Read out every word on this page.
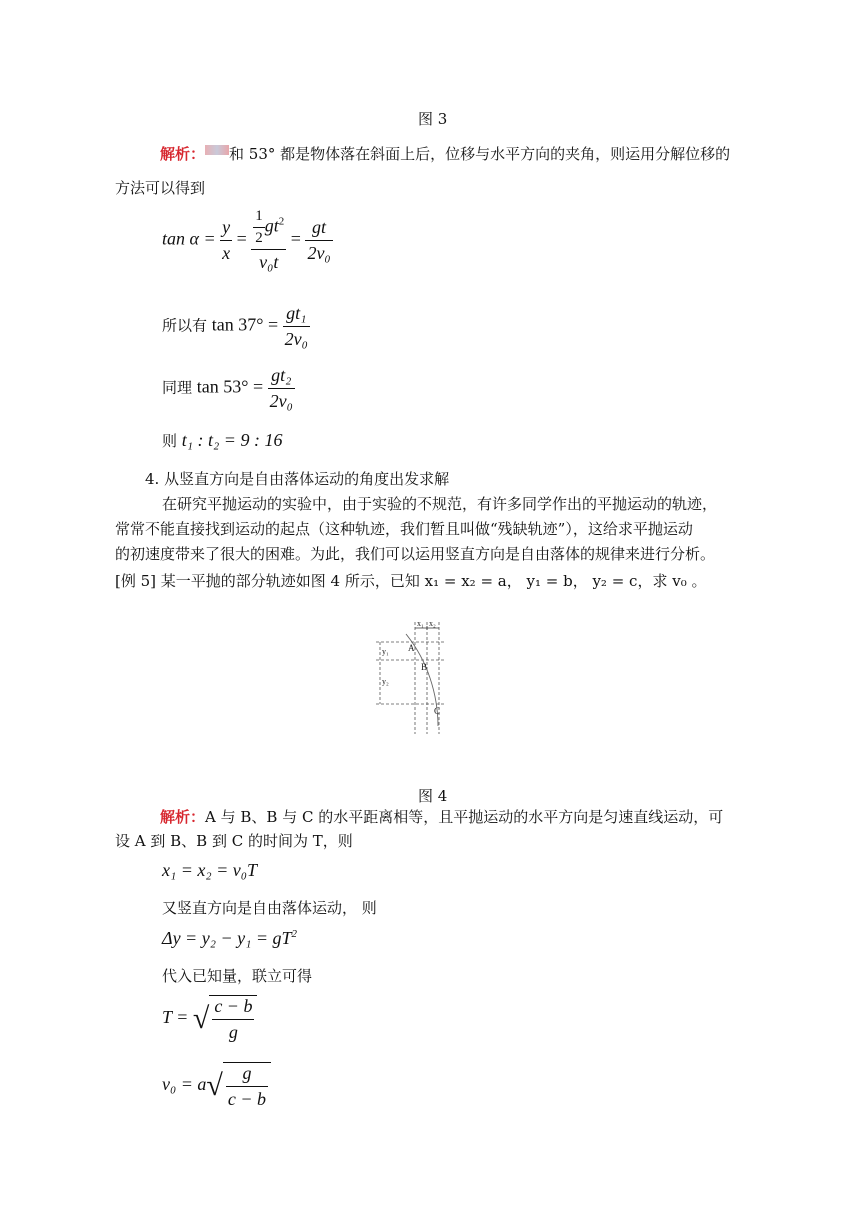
图 3
解析： 和 53° 都是物体落在斜面上后，位移与水平方向的夹角，则运用分解位移的
方法可以得到
$\tan \alpha = \frac{y}{x} = \frac{\frac{1}{2} gt^2}{\text{v₀t}} = \frac{gt}{\text{2v₀}}$
所以有 $\tan 37^\circ = \frac{\text{gt₁}}{\text{2v₀}}$
同理 $\tan 53^\circ = \frac{\text{gt₂}}{\text{2v₀}}$
则 t₁ : t₂ = 9 : 16
4. 从竖直方向是自由落体运动的角度出发求解
在研究平抛运动的实验中，由于实验的不规范，有许多同学作出的平抛运动的轨迹，
常常不能直接找到运动的起点（这种轨迹，我们暂且叫做“残缺轨迹”），这给求平抛运动
的初速度带来了很大的困难。为此，我们可以运用竖直方向是自由落体的规律来进行分析。
[例 5] 某一平抛的部分轨迹如图 4 所示，已知 x₁ = x₂ = a， y₁ = b， y₂ = c，求 v₀ 。
x₁ x₂
y₁
y₂
A
B
C
图 4
解析：A 与 B、B 与 C 的水平距离相等，且平抛运动的水平方向是匀速直线运动，可
设 A 到 B、B 到 C 的时间为 T，则
x₁ = x₂ = v₀T
又竖直方向是自由落体运动， 则
$\Delta y = y_2 - y_1 = gT^2$
代入已知量，联立可得
T = √ $\frac{c - b}{g}$
$v_0 = a√ \frac{g}{c - b}$
